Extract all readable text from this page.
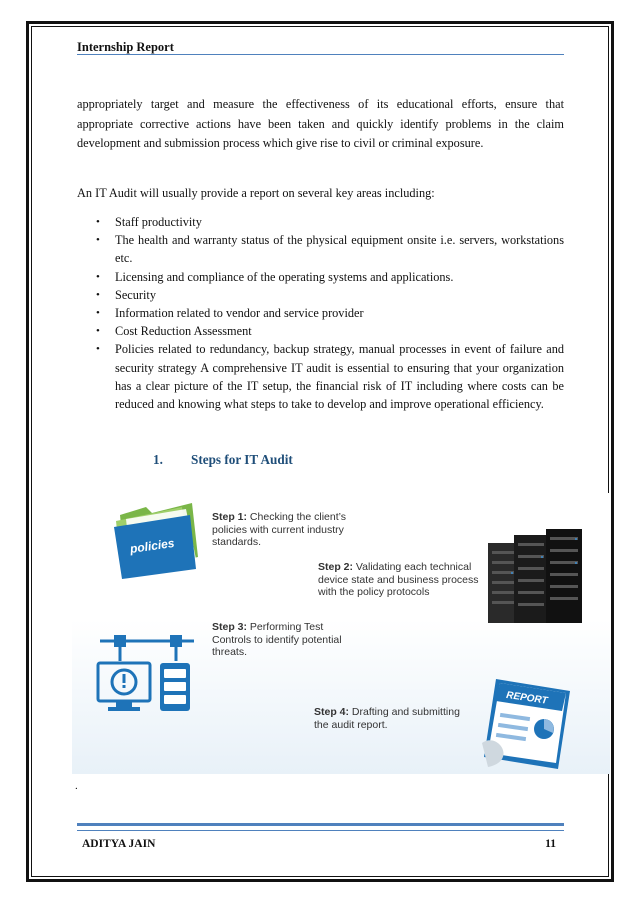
Internship Report
appropriately target and measure the effectiveness of its educational efforts, ensure that appropriate corrective actions have been taken and quickly identify problems in the claim development and submission process which give rise to civil or criminal exposure.
An IT Audit will usually provide a report on several key areas including:
• Staff productivity
• The health and warranty status of the physical equipment onsite i.e. servers, workstations etc.
• Licensing and compliance of the operating systems and applications.
• Security
• Information related to vendor and service provider
• Cost Reduction Assessment
• Policies related to redundancy, backup strategy, manual processes in event of failure and security strategy A comprehensive IT audit is essential to ensuring that your organization has a clear picture of the IT setup, the financial risk of IT including where costs can be reduced and knowing what steps to take to develop and improve operational efficiency.
1. Steps for IT Audit
policies
Step 1: Checking the client’s policies with current industry standards.
Step 2: Validating each technical device state and business process with the policy protocols
Step 3: Performing Test Controls to identify potential threats.
Step 4: Drafting and submitting the audit report.
REPORT
.
ADITYA JAIN	11
